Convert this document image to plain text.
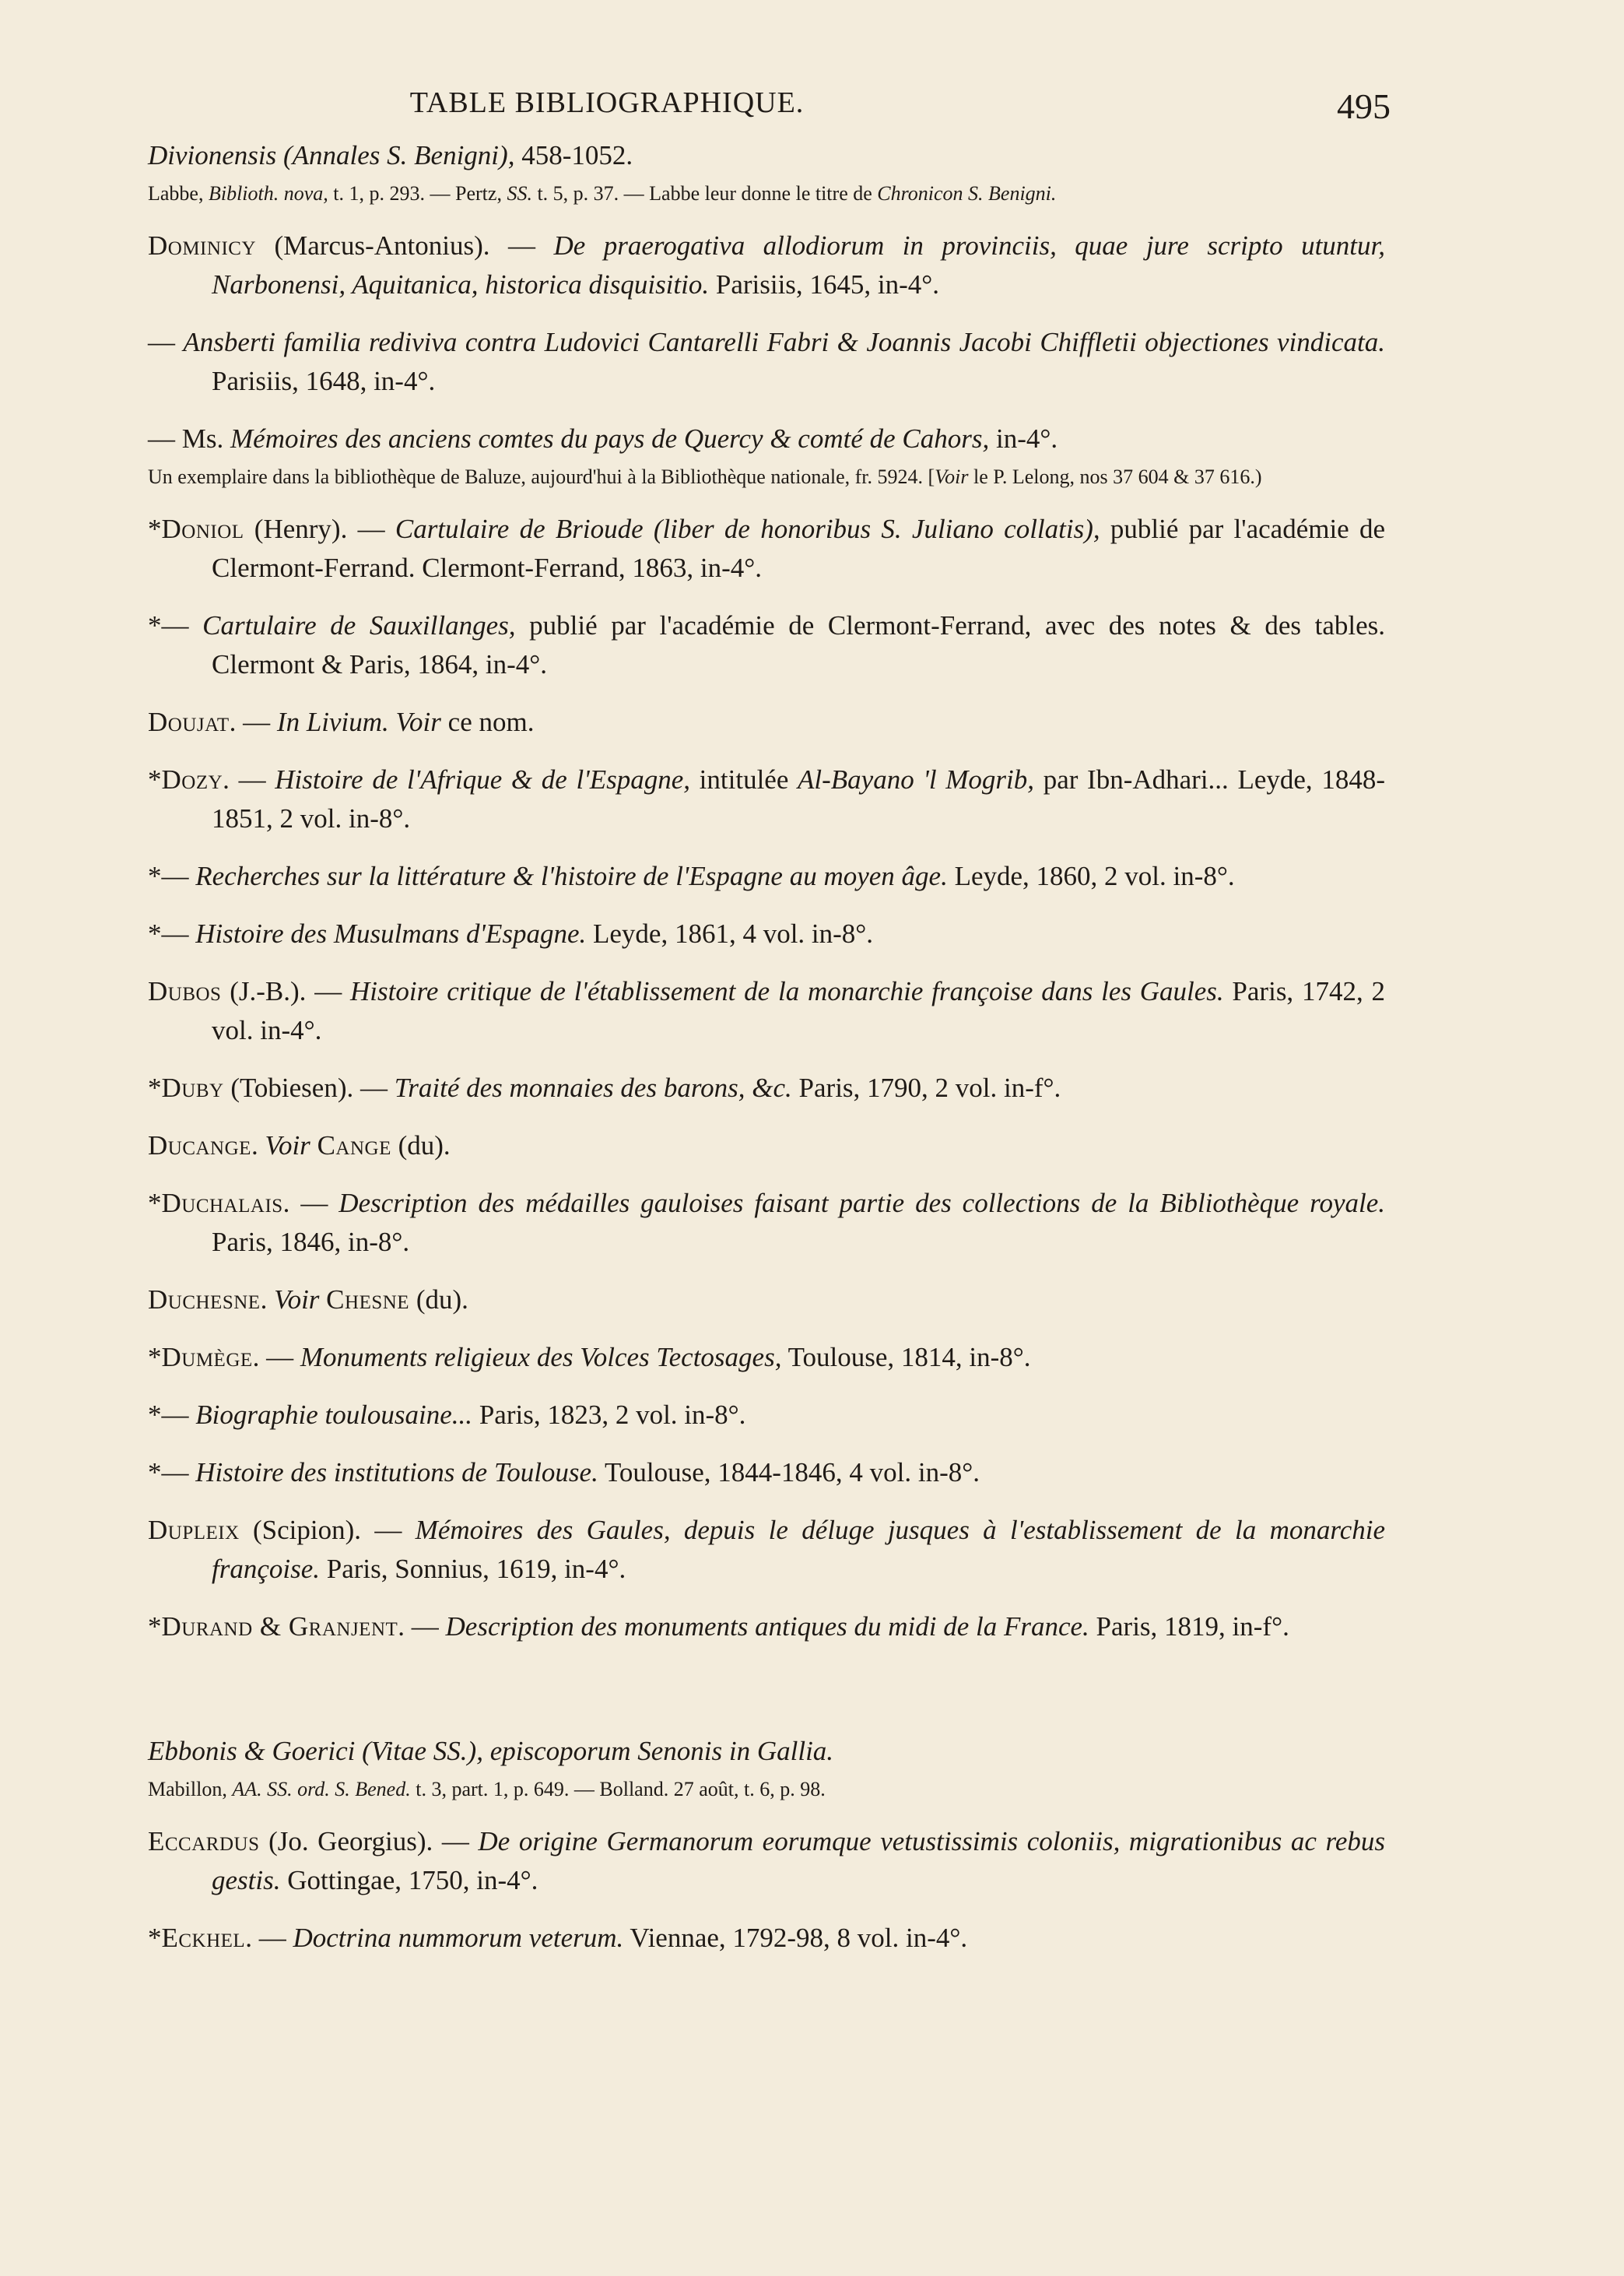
TABLE BIBLIOGRAPHIQUE.	495
Divionensis (Annales S. Benigni), 458-1052.
Labbe, Biblioth. nova, t. 1, p. 293. — Pertz, SS. t. 5, p. 37. — Labbe leur donne le titre de Chronicon S. Benigni.
Dominicy (Marcus-Antonius). — De praerogativa allodiorum in provinciis, quae jure scripto utuntur, Narbonensi, Aquitanica, historica disquisitio. Parisiis, 1645, in-4°.
— Ansberti familia rediviva contra Ludovici Cantarelli Fabri & Joannis Jacobi Chiffletii objectiones vindicata. Parisiis, 1648, in-4°.
— Ms. Mémoires des anciens comtes du pays de Quercy & comté de Cahors, in-4°.
Un exemplaire dans la bibliothèque de Baluze, aujourd'hui à la Bibliothèque nationale, fr. 5924. [Voir le P. Lelong, nos 37 604 & 37 616.)
*Doniol (Henry). — Cartulaire de Brioude (liber de honoribus S. Juliano collatis), publié par l'académie de Clermont-Ferrand. Clermont-Ferrand, 1863, in-4°.
*— Cartulaire de Sauxillanges, publié par l'académie de Clermont-Ferrand, avec des notes & des tables. Clermont & Paris, 1864, in-4°.
Doujat. — In Livium. Voir ce nom.
*Dozy. — Histoire de l'Afrique & de l'Espagne, intitulée Al-Bayano 'l Mogrib, par Ibn-Adhari... Leyde, 1848-1851, 2 vol. in-8°.
*— Recherches sur la littérature & l'histoire de l'Espagne au moyen âge. Leyde, 1860, 2 vol. in-8°.
*— Histoire des Musulmans d'Espagne. Leyde, 1861, 4 vol. in-8°.
Dubos (J.-B.). — Histoire critique de l'établissement de la monarchie françoise dans les Gaules. Paris, 1742, 2 vol. in-4°.
*Duby (Tobiesen). — Traité des monnaies des barons, &c. Paris, 1790, 2 vol. in-f°.
Ducange. Voir Cange (du).
*Duchalais. — Description des médailles gauloises faisant partie des collections de la Bibliothèque royale. Paris, 1846, in-8°.
Duchesne. Voir Chesne (du).
*Dumège. — Monuments religieux des Volces Tectosages, Toulouse, 1814, in-8°.
*— Biographie toulousaine... Paris, 1823, 2 vol. in-8°.
*— Histoire des institutions de Toulouse. Toulouse, 1844-1846, 4 vol. in-8°.
Dupleix (Scipion). — Mémoires des Gaules, depuis le déluge jusques à l'establissement de la monarchie françoise. Paris, Sonnius, 1619, in-4°.
*Durand & Granjent. — Description des monuments antiques du midi de la France. Paris, 1819, in-f°.
Ebbonis & Goerici (Vitae SS.), episcoporum Senonis in Gallia.
Mabillon, AA. SS. ord. S. Bened. t. 3, part. 1, p. 649. — Bolland. 27 août, t. 6, p. 98.
Eccardus (Jo. Georgius). — De origine Germanorum eorumque vetustissimis coloniis, migrationibus ac rebus gestis. Gottingae, 1750, in-4°.
*Eckhel. — Doctrina nummorum veterum. Viennae, 1792-98, 8 vol. in-4°.
